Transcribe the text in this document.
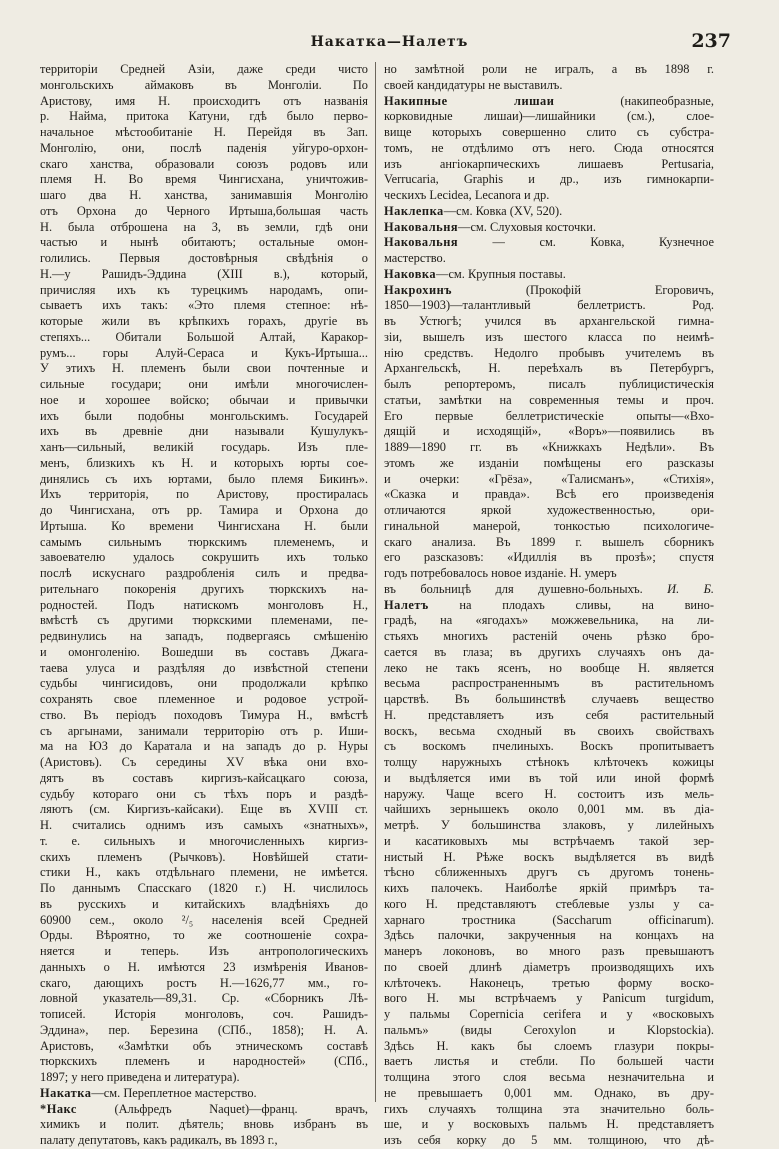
Накатка—Налетъ	237
территоріи Средней Азіи, даже среди чисто
монгольскихъ аймаковъ въ Монголіи. По
Аристову, имя Н. происходитъ отъ названія
р. Найма, притока Катуни, гдѣ было перво-
начальное мѣстообитаніе Н. Перейдя въ Зап.
Монголію, они, послѣ паденія уйгуро-орхон-
скаго ханства, образовали союзъ родовъ или
племя Н. Во время Чингисхана, уничтожив-
шаго два Н. ханства, занимавшія Монголію
отъ Орхона до Черного Иртыша,большая часть
Н. была отброшена на З, въ земли, гдѣ они
частью и нынѣ обитаютъ; остальные омон-
голились. Первыя достовѣрныя свѣдѣнія о
Н.—у Рашидъ-Эддина (XIII в.), который,
причисляя ихъ къ турецкимъ народамъ, опи-
сываетъ ихъ такъ: «Это племя степное: нѣ-
которые жили въ крѣпкихъ горахъ, другіе въ
степяхъ... Обитали Большой Алтай, Каракор-
румъ... горы Алуй-Сераса и Кукъ-Иртыша...
У этихъ Н. племенъ были свои почтенные и
сильные государи; они имѣли многочислен-
ное и хорошее войско; обычаи и привычки
ихъ были подобны монгольскимъ. Государей
ихъ въ древніе дни называли Кушулукъ-
ханъ—сильный, великій государь. Изъ пле-
менъ, близкихъ къ Н. и которыхъ юрты сое-
динялись съ ихъ юртами, было племя Бикинъ».
Ихъ территорія, по Аристову, простиралась
до Чингисхана, отъ рр. Тамира и Орхона до
Иртыша. Ко времени Чингисхана Н. были
самымъ сильнымъ тюркскимъ племенемъ, и
завоевателю удалось сокрушить ихъ только
послѣ искуснаго раздробленія силъ и предва-
рительнаго покоренія другихъ тюркскихъ на-
родностей. Подъ натискомъ монголовъ Н.,
вмѣстѣ съ другими тюркскими племенами, пе-
редвинулись на западъ, подвергаясь смѣшенію
и омонголенію. Вошедши въ составъ Джага-
таева улуса и раздѣляя до извѣстной степени
судьбы чингисидовъ, они продолжали крѣпко
сохранять свое племенное и родовое устрой-
ство. Въ періодъ походовъ Тимура Н., вмѣстѣ
съ аргынами, занимали территорію отъ р. Иши-
ма на ЮЗ до Каратала и на западъ до р. Нуры
(Аристовъ). Съ середины XV вѣка они вхо-
дятъ въ составъ киргизъ-кайсацкаго союза,
судьбу котораго они съ тѣхъ поръ и раздѣ-
ляютъ (см. Киргизъ-кайсаки). Еще въ XVIII ст.
Н. считались однимъ изъ самыхъ «знатныхъ»,
т. е. сильныхъ и многочисленныхъ киргиз-
скихъ племенъ (Рычковъ). Новѣйшей стати-
стики Н., какъ отдѣльнаго племени, не имѣется.
По даннымъ Спасскаго (1820 г.) Н. числилось
въ русскихъ и китайскихъ владѣніяхъ до
60900 сем., около ²/₅ населенія всей Средней
Орды. Вѣроятно, то же соотношеніе сохра-
няется и теперь. Изъ антропологическихъ
данныхъ о Н. имѣются 23 измѣренія Иванов-
скаго, дающихъ ростъ Н.—1626,77 мм., го-
ловной указатель—89,31. Ср. «Сборникъ Лѣ-
тописей. Исторія монголовъ, соч. Рашидъ-
Эддина», пер. Березина (СПб., 1858); Н. А.
Аристовъ, «Замѣтки объ этническомъ составѣ
тюркскихъ племенъ и народностей» (СПб.,
1897; у него приведена и литература).
Накатка—см. Переплетное мастерство.
*Накс (Альфредъ Naquet)—франц. врачъ,
химикъ и полит. дѣятель; вновь избранъ въ
палату депутатовъ, какъ радикалъ, въ 1893 г.,
но замѣтной роли не игралъ, а въ 1898 г.
своей кандидатуры не выставилъ.
Накипные лишаи (накипеобразные,
корковидные лишаи)—лишайники (см.), слое-
вище которыхъ совершенно слито съ субстра-
томъ, не отдѣлимо отъ него. Сюда относятся
изъ ангіокарпическихъ лишаевъ Pertusaria,
Verrucaria, Graphis и др., изъ гимнокарпи-
ческихъ Lecidea, Lecanora и др.
Наклепка—см. Ковка (XV, 520).
Наковальня—см. Слуховыя косточки.
Наковальня — см. Ковка, Кузнечное
мастерство.
Наковка—см. Крупныя поставы.
Накрохинъ (Прокофій Егоровичъ,
1850—1903)—талантливый беллетристъ. Род.
въ Устюгѣ; учился въ архангельской гимна-
зіи, вышелъ изъ шестого класса по неимѣ-
нію средствъ. Недолго пробывъ учителемъ въ
Архангельскѣ, Н. переѣхалъ въ Петербургъ,
былъ репортеромъ, писалъ публицистическія
статьи, замѣтки на современныя темы и проч.
Его первые беллетристическіе опыты—«Вхо-
дящій и исходящій», «Воръ»—появились въ
1889—1890 гг. въ «Книжкахъ Недѣли». Въ
этомъ же изданіи помѣщены его разсказы
и очерки: «Грёза», «Талисманъ», «Стихія»,
«Сказка и правда». Всѣ его произведенія
отличаются яркой художественностью, ори-
гинальной манерой, тонкостью психологиче-
скаго анализа. Въ 1899 г. вышелъ сборникъ
его разсказовъ: «Идиллія въ прозѣ»; спустя
годъ потребовалось новое изданіе. Н. умеръ
въ больницѣ для душевно-больныхъ. И. Б.
Налетъ на плодахъ сливы, на вино-
градѣ, на «ягодахъ» можжевельника, на ли-
стьяхъ многихъ растеній очень рѣзко бро-
сается въ глаза; въ другихъ случаяхъ онъ да-
леко не такъ ясенъ, но вообще Н. является
весьма распространеннымъ въ растительномъ
царствѣ. Въ большинствѣ случаевъ вещество
Н. представляетъ изъ себя растительный
воскъ, весьма сходный въ своихъ свойствахъ
съ воскомъ пчелиныхъ. Воскъ пропитываетъ
толщу наружныхъ стѣнокъ клѣточекъ кожицы
и выдѣляется ими въ той или иной формѣ
наружу. Чаще всего Н. состоитъ изъ мель-
чайшихъ зернышекъ около 0,001 мм. въ діа-
метрѣ. У большинства злаковъ, у лилейныхъ
и касатиковыхъ мы встрѣчаемъ такой зер-
нистый Н. Рѣже воскъ выдѣляется въ видѣ
тѣсно сближенныхъ другъ съ другомъ тонень-
кихъ палочекъ. Наиболѣе яркій примѣръ та-
кого Н. представляютъ стеблевые узлы у са-
харнаго тростника (Saccharum officinarum).
Здѣсь палочки, закрученныя на концахъ на
манеръ локоновъ, во много разъ превышаютъ
по своей длинѣ діаметръ производящихъ ихъ
клѣточекъ. Наконецъ, третью форму воско-
вого Н. мы встрѣчаемъ у Panicum turgidum,
у пальмы Copernicia cerifera и у «восковыхъ
пальмъ» (виды Ceroxylon и Klopstockia).
Здѣсь Н. какъ бы слоемъ глазури покры-
ваетъ листья и стебли. По большей части
толщина этого слоя весьма незначительна и
не превышаетъ 0,001 мм. Однако, въ дру-
гихъ случаяхъ толщина эта значительно боль-
ше, и у восковыхъ пальмъ Н. представляетъ
изъ себя корку до 5 мм. толщиною, что дѣ-
